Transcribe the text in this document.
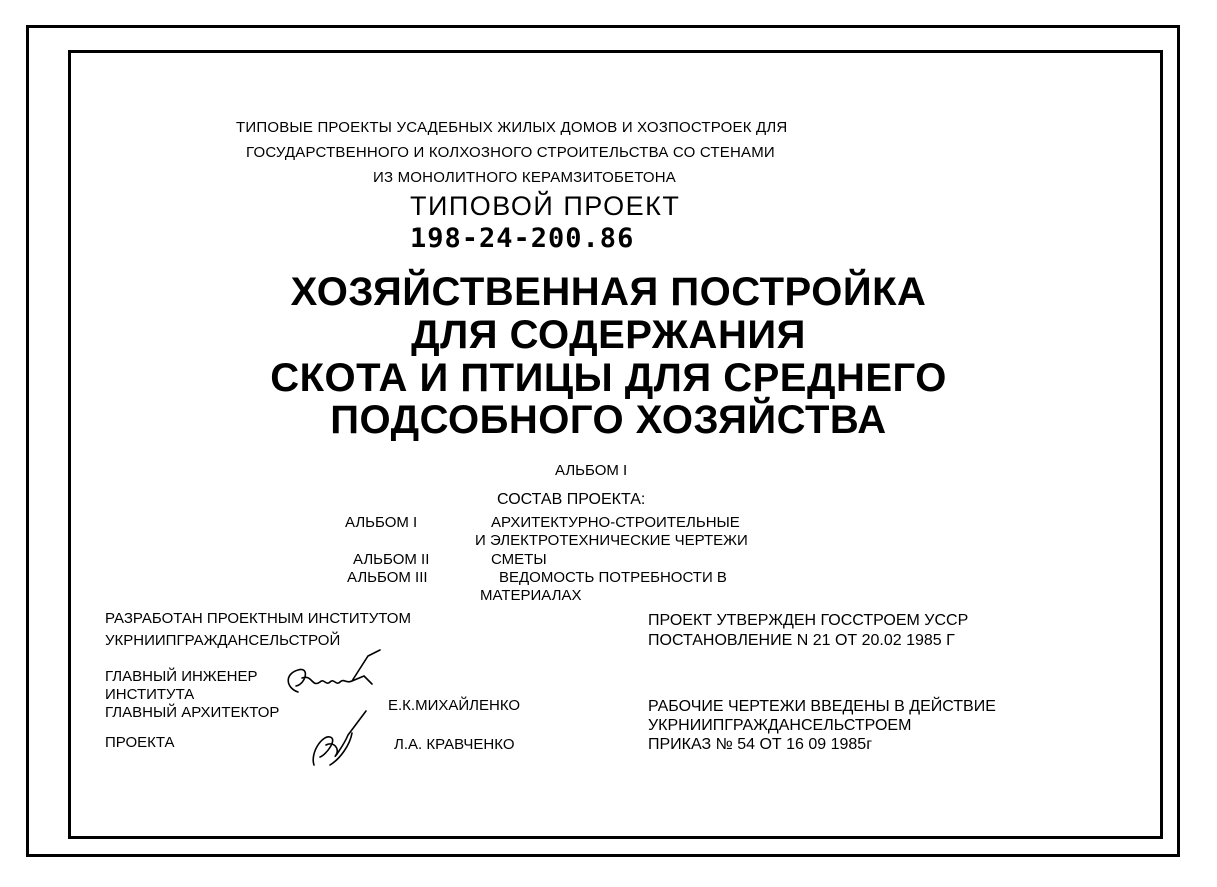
ТИПОВЫЕ ПРОЕКТЫ УСАДЕБНЫХ ЖИЛЫХ ДОМОВ И ХОЗПОСТРОЕК ДЛЯ
ГОСУДАРСТВЕННОГО И КОЛХОЗНОГО СТРОИТЕЛЬСТВА СО СТЕНАМИ
ИЗ МОНОЛИТНОГО КЕРАМЗИТОБЕТОНА
ТИПОВОЙ ПРОЕКТ
198-24-200.86
ХОЗЯЙСТВЕННАЯ ПОСТРОЙКА
ДЛЯ СОДЕРЖАНИЯ
СКОТА И ПТИЦЫ ДЛЯ СРЕДНЕГО
ПОДСОБНОГО ХОЗЯЙСТВА
АЛЬБОМ I
СОСТАВ ПРОЕКТА:
АЛЬБОМ I	АРХИТЕКТУРНО-СТРОИТЕЛЬНЫЕ
И ЭЛЕКТРОТЕХНИЧЕСКИЕ ЧЕРТЕЖИ
АЛЬБОМ II	СМЕТЫ
АЛЬБОМ III	ВЕДОМОСТЬ ПОТРЕБНОСТИ В
МАТЕРИАЛАХ
РАЗРАБОТАН ПРОЕКТНЫМ ИНСТИТУТОМ
УКРНИИПГРАЖДАНСЕЛЬСТРОЙ
ПРОЕКТ УТВЕРЖДЕН ГОССТРОЕМ УССР
ПОСТАНОВЛЕНИЕ N 21 ОТ 20.02 1985 Г
ГЛАВНЫЙ ИНЖЕНЕР
ИНСТИТУТА
Е.К.МИХАЙЛЕНКО
ГЛАВНЫЙ АРХИТЕКТОР
ПРОЕКТА	Л.А. КРАВЧЕНКО
РАБОЧИЕ ЧЕРТЕЖИ ВВЕДЕНЫ В ДЕЙСТВИЕ
УКРНИИПГРАЖДАНСЕЛЬСТРОЕМ
ПРИКАЗ № 54 ОТ 16 09 1985г
